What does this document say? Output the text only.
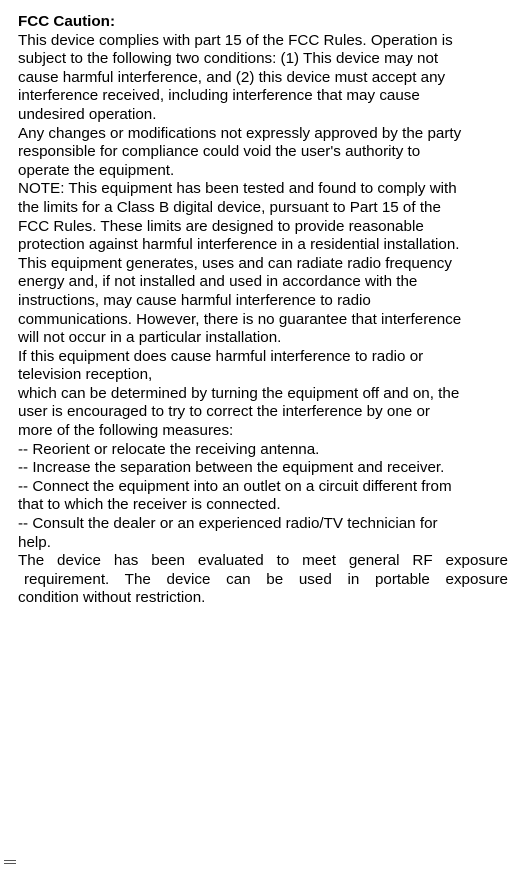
FCC Caution:
This device complies with part 15 of the FCC Rules. Operation is
subject to the following two conditions: (1) This device may not
cause harmful interference, and (2) this device must accept any
interference received, including interference that may cause
undesired operation.
Any changes or modifications not expressly approved by the party
responsible for compliance could void the user's authority to
operate the equipment.
NOTE: This equipment has been tested and found to comply with
the limits for a Class B digital device, pursuant to Part 15 of the
FCC Rules. These limits are designed to provide reasonable
protection against harmful interference in a residential installation.
This equipment generates, uses and can radiate radio frequency
energy and, if not installed and used in accordance with the
instructions, may cause harmful interference to radio
communications. However, there is no guarantee that interference
will not occur in a particular installation.
If this equipment does cause harmful interference to radio or
television reception,
which can be determined by turning the equipment off and on, the
user is encouraged to try to correct the interference by one or
more of the following measures:
-- Reorient or relocate the receiving antenna.
-- Increase the separation between the equipment and receiver.
-- Connect the equipment into an outlet on a circuit different from
that to which the receiver is connected.
-- Consult the dealer or an experienced radio/TV technician for
help.
The device has been evaluated to meet general RF exposure
requirement. The device can be used in portable exposure
condition without restriction.
